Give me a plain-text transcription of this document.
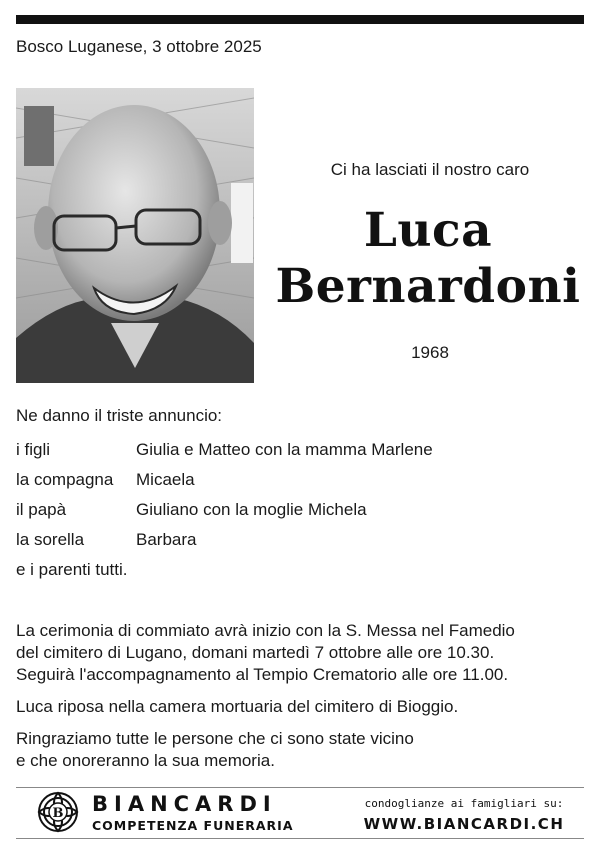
Bosco Luganese, 3 ottobre 2025
Ci ha lasciati il nostro caro
Luca
Bernardoni
1968
Ne danno il triste annuncio:
i figli	Giulia e Matteo con la mamma Marlene
la compagna Micaela
il papà	Giuliano con la moglie Michela
la sorella	Barbara
e i parenti tutti.
La cerimonia di commiato avrà inizio con la S. Messa nel Famedio
del cimitero di Lugano, domani martedì 7 ottobre alle ore 10.30.
Seguirà l'accompagnamento al Tempio Crematorio alle ore 11.00.
Luca riposa nella camera mortuaria del cimitero di Bioggio.
Ringraziamo tutte le persone che ci sono state vicino
e che onoreranno la sua memoria.
B BIANCARDI
COMPETENZA FUNERARIA
condoglianze ai famigliari su:
WWW.BIANCARDI.CH
